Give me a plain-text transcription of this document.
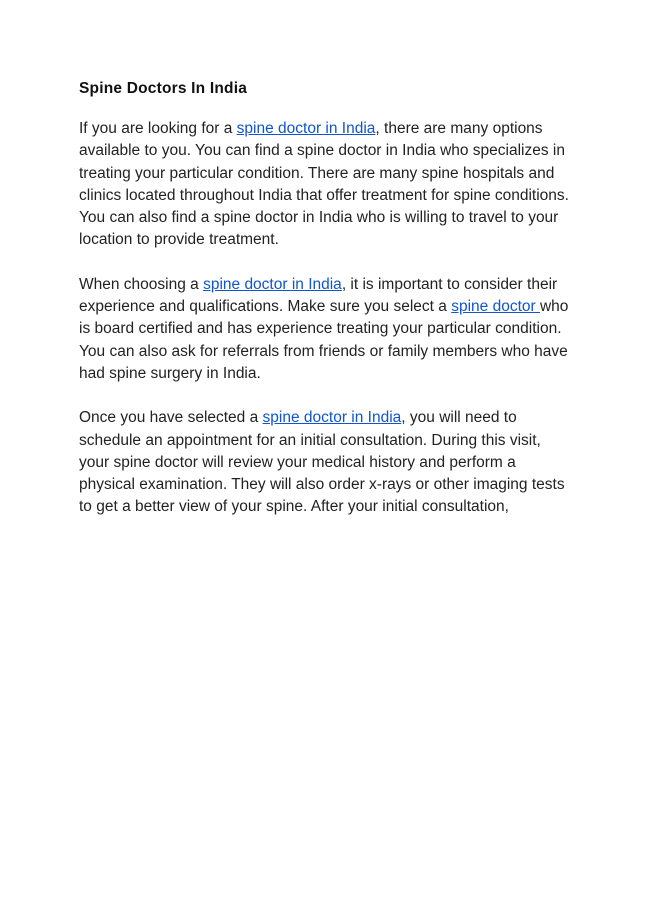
Spine Doctors In India

If you are looking for a spine doctor in India, there are many options available to you. You can find a spine doctor in India who specializes in treating your particular condition. There are many spine hospitals and clinics located throughout India that offer treatment for spine conditions. You can also find a spine doctor in India who is willing to travel to your location to provide treatment.

When choosing a spine doctor in India, it is important to consider their experience and qualifications. Make sure you select a spine doctor who is board certified and has experience treating your particular condition. You can also ask for referrals from friends or family members who have had spine surgery in India.

Once you have selected a spine doctor in India, you will need to schedule an appointment for an initial consultation. During this visit, your spine doctor will review your medical history and perform a physical examination. They will also order x-rays or other imaging tests to get a better view of your spine. After your initial consultation,
